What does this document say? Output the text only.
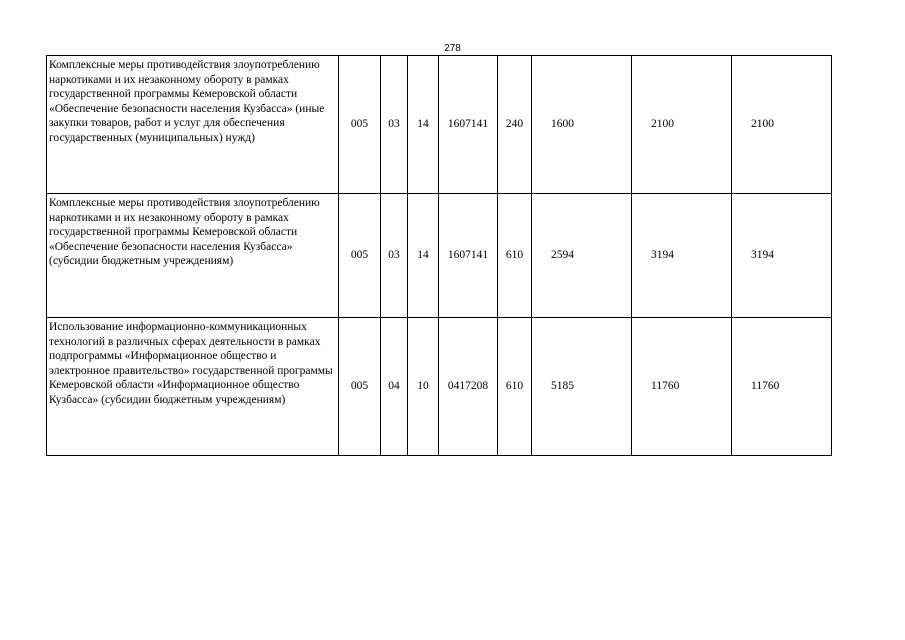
278
Комплексные меры противодействия злоупотреблению наркотиками и их незаконному обороту в рамках государственной программы Кемеровской области «Обеспечение безопасности населения Кузбасса» (иные закупки товаров, работ и услуг для обеспечения государственных (муниципальных) нужд)	005	03	14	1607141	240	1600	2100	2100
Комплексные меры противодействия злоупотреблению наркотиками и их незаконному обороту в рамках государственной программы Кемеровской области «Обеспечение безопасности населения Кузбасса» (субсидии бюджетным учреждениям)	005	03	14	1607141	610	2594	3194	3194
Использование информационно-коммуникационных технологий в различных сферах деятельности в рамках подпрограммы «Информационное общество и электронное правительство» государственной программы Кемеровской области «Информационное общество Кузбасса» (субсидии бюджетным учреждениям)	005	04	10	0417208	610	5185	11760	11760
